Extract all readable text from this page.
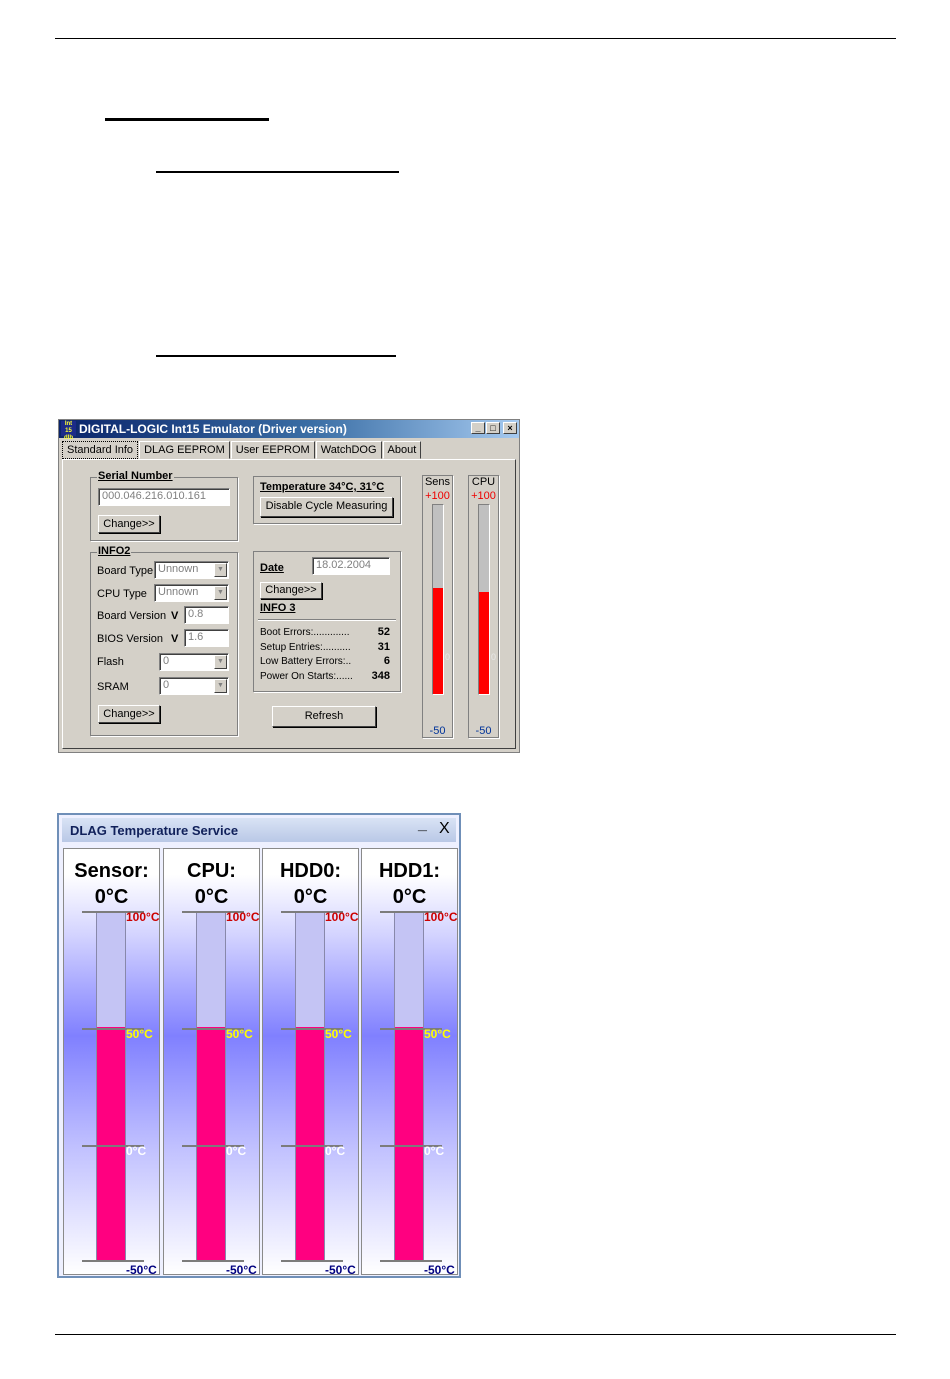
Int 15 dlb
DIGITAL-LOGIC Int15 Emulator (Driver version)	_	□	×
Standard Info DLAG EEPROM User EEPROM WatchDOG About
Serial Number
000.046.216.010.161
Change>>
INFO2
Board Type Unnown	▼
CPU Type	Unnown	▼
Board Version V 0.8
BIOS Version V 1.6
Flash	0	▼
SRAM	0	▼
Change>>
Temperature 34°C, 31°C
Disable Cycle Measuring
Date	18.02.2004
Change>>
INFO 3
Boot Errors:.............	52
Setup Entries:.......... 31
Low Battery Errors:..	6
Power On Starts:...... 348
Refresh
Sens
+100
0
-50
CPU
+100
0
-50
DLAG Temperature Service	_ X
Sensor:
0°C
100°C
50°C
0°C
-50°C
CPU:
0°C
100°C
50°C
0°C
-50°C
HDD0:
0°C
100°C
50°C
0°C
-50°C
HDD1:
0°C
100°C
50°C
0°C
-50°C
